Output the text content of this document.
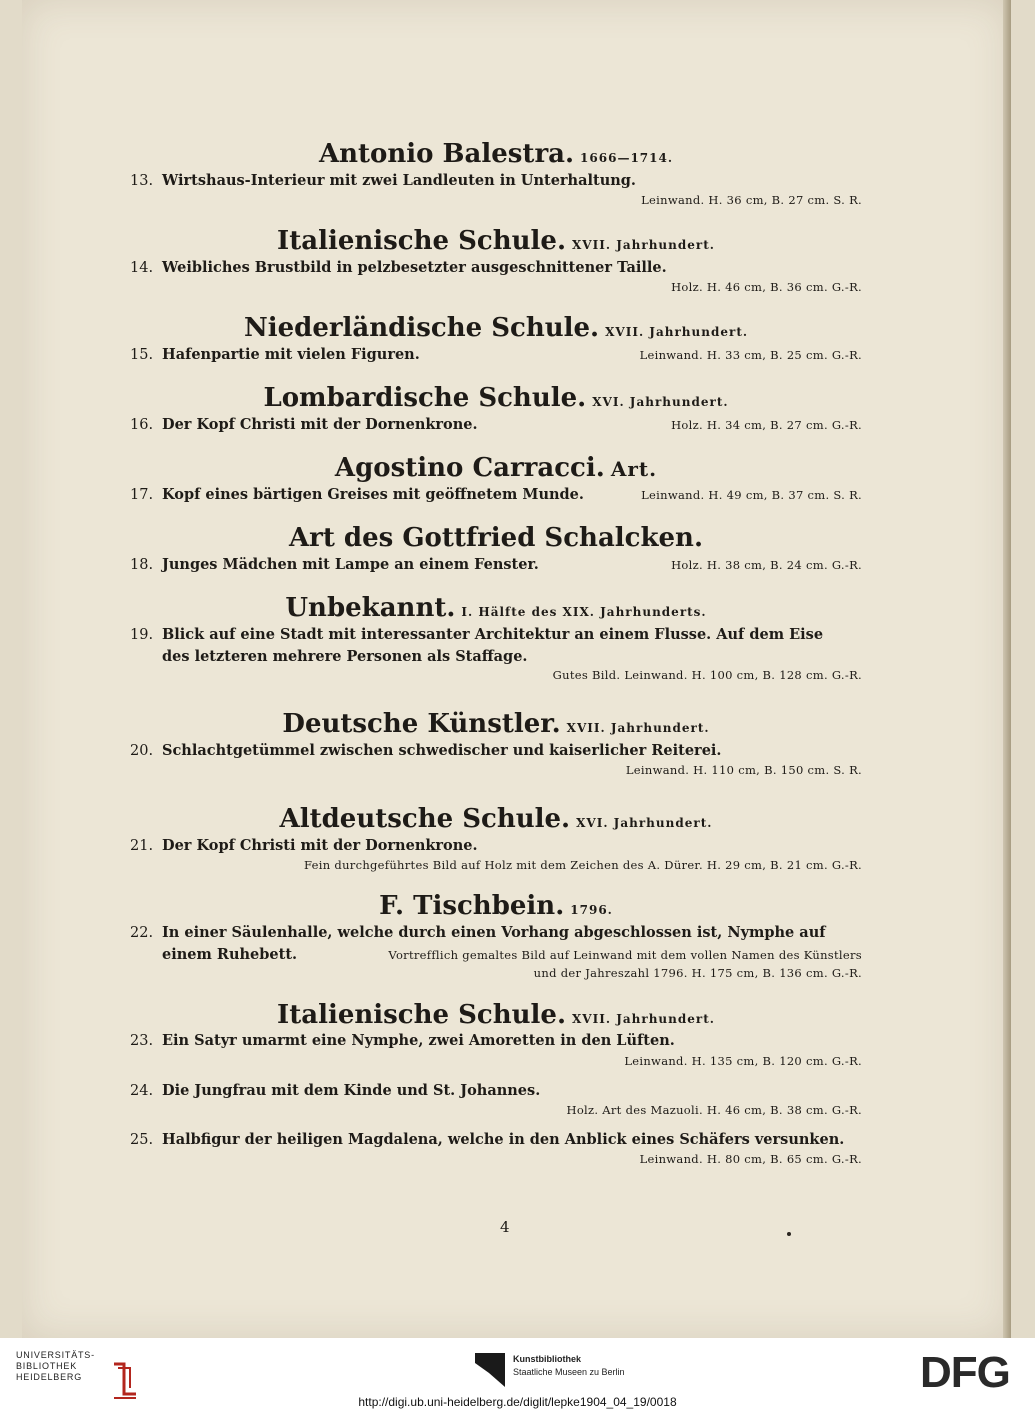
Antonio Balestra. 1666—1714.

13. Wirtshaus-Interieur mit zwei Landleuten in Unterhaltung.

Leinwand. H. 36 cm, B. 27 cm. S. R.

Italienische Schule. XVII. Jahrhundert.

14. Weibliches Brustbild in pelzbesetzter ausgeschnittener Taille.

Holz. H. 46 cm, B. 36 cm. G.-R.

Niederländische Schule. XVII. Jahrhundert.
15. Hafenpartie mit vielen Figuren.	Leinwand. H. 33 cm, B. 25 cm. G.-R.
Lombardische Schule. XVI. Jahrhundert.
16. Der Kopf Christi mit der Dornenkrone.	Holz. H. 34 cm, B. 27 cm. G.-R.
Agostino Carracci. Art.
17. Kopf eines bärtigen Greises mit geöffnetem Munde.	Leinwand. H. 49 cm, B. 37 cm. S. R.
Art des Gottfried Schalcken.
18. Junges Mädchen mit Lampe an einem Fenster.	Holz. H. 38 cm, B. 24 cm. G.-R.
Unbekannt. I. Hälfte des XIX. Jahrhunderts.

19. Blick auf eine Stadt mit interessanter Architektur an einem Flusse. Auf dem Eise

des letzteren mehrere Personen als Staffage.

Gutes Bild. Leinwand. H. 100 cm, B. 128 cm. G.-R.

Deutsche Künstler. XVII. Jahrhundert.

20. Schlachtgetümmel zwischen schwedischer und kaiserlicher Reiterei.

Leinwand. H. 110 cm, B. 150 cm. S. R.

Altdeutsche Schule. XVI. Jahrhundert.

21. Der Kopf Christi mit der Dornenkrone.

Fein durchgeführtes Bild auf Holz mit dem Zeichen des A. Dürer. H. 29 cm, B. 21 cm. G.-R.

F. Tischbein. 1796.

22. In einer Säulenhalle, welche durch einen Vorhang abgeschlossen ist, Nymphe auf

einem Ruhebett.	Vortrefflich gemaltes Bild auf Leinwand mit dem vollen Namen des Künstlers

und der Jahreszahl 1796. H. 175 cm, B. 136 cm. G.-R.

Italienische Schule. XVII. Jahrhundert.

23. Ein Satyr umarmt eine Nymphe, zwei Amoretten in den Lüften.

Leinwand. H. 135 cm, B. 120 cm. G.-R.

24. Die Jungfrau mit dem Kinde und St. Johannes.

Holz. Art des Mazuoli. H. 46 cm, B. 38 cm. G.-R.

25. Halbfigur der heiligen Magdalena, welche in den Anblick eines Schäfers versunken.

Leinwand. H. 80 cm, B. 65 cm. G.-R.

4
UNIVERSITÄTS-
BIBLIOTHEK
HEIDELBERG
Kunstbibliothek
Staatliche Museen zu Berlin	DFG
http://digi.ub.uni-heidelberg.de/diglit/lepke1904_04_19/0018
